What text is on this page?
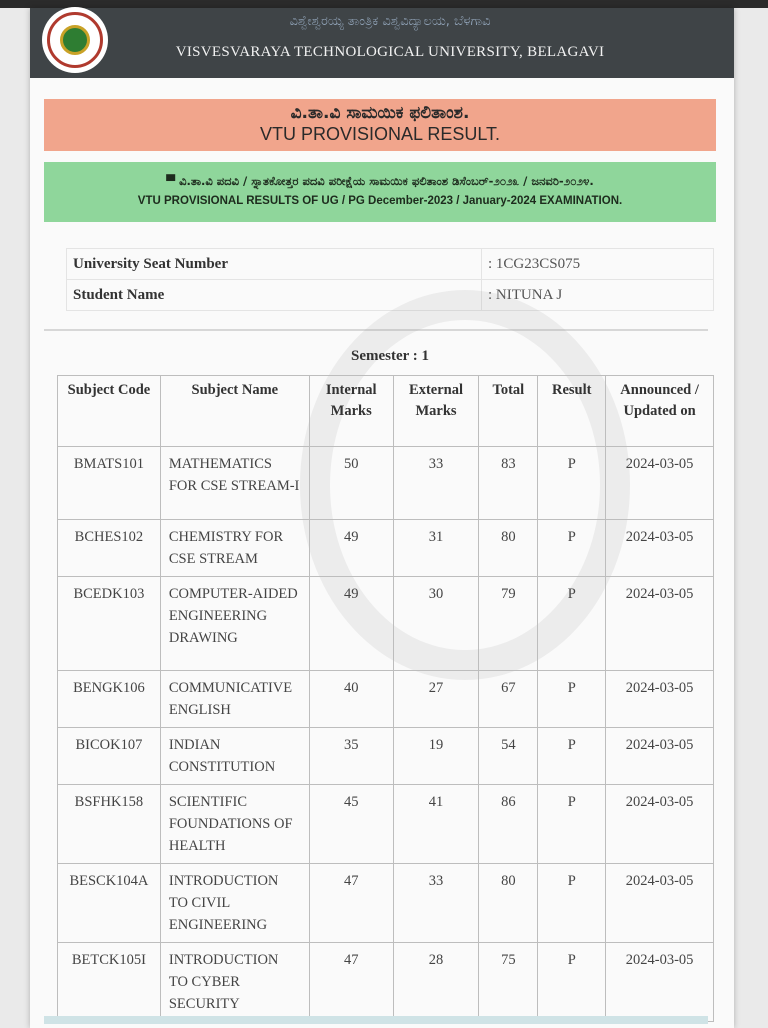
ವಿಶ್ವೇಶ್ವರಯ್ಯ ತಾಂತ್ರಿಕ ವಿಶ್ವವಿದ್ಯಾಲಯ, ಬೆಳಗಾವಿ
VISVESVARAYA TECHNOLOGICAL UNIVERSITY, BELAGAVI
ವಿ.ತಾ.ವಿ ಸಾಮಯಿಕ ಫಲಿತಾಂಶ.
VTU PROVISIONAL RESULT.
▀ ವಿ.ತಾ.ವಿ ಪದವಿ / ಸ್ನಾತಕೋತ್ತರ ಪದವಿ ಪರೀಕ್ಷೆಯ ಸಾಮಯಿಕ ಫಲಿತಾಂಶ ಡಿಸೆಂಬರ್-೨೦೨೩ / ಜನವರಿ-೨೦೨೪.
VTU PROVISIONAL RESULTS OF UG / PG December-2023 / January-2024 EXAMINATION.
University Seat Number	: 1CG23CS075
Student Name	: NITUNA J
Semester : 1
Subject Code	Subject Name	Internal Marks	External Marks	Total	Result	Announced / Updated on
BMATS101	MATHEMATICS FOR CSE STREAM-I	50	33	83	P	2024-03-05
BCHES102	CHEMISTRY FOR CSE STREAM	49	31	80	P	2024-03-05
BCEDK103	COMPUTER-AIDED ENGINEERING DRAWING	49	30	79	P	2024-03-05
BENGK106	COMMUNICATIVE ENGLISH	40	27	67	P	2024-03-05
BICOK107	INDIAN CONSTITUTION	35	19	54	P	2024-03-05
BSFHK158	SCIENTIFIC FOUNDATIONS OF HEALTH	45	41	86	P	2024-03-05
BESCK104A	INTRODUCTION TO CIVIL ENGINEERING	47	33	80	P	2024-03-05
BETCK105I	INTRODUCTION TO CYBER SECURITY	47	28	75	P	2024-03-05
